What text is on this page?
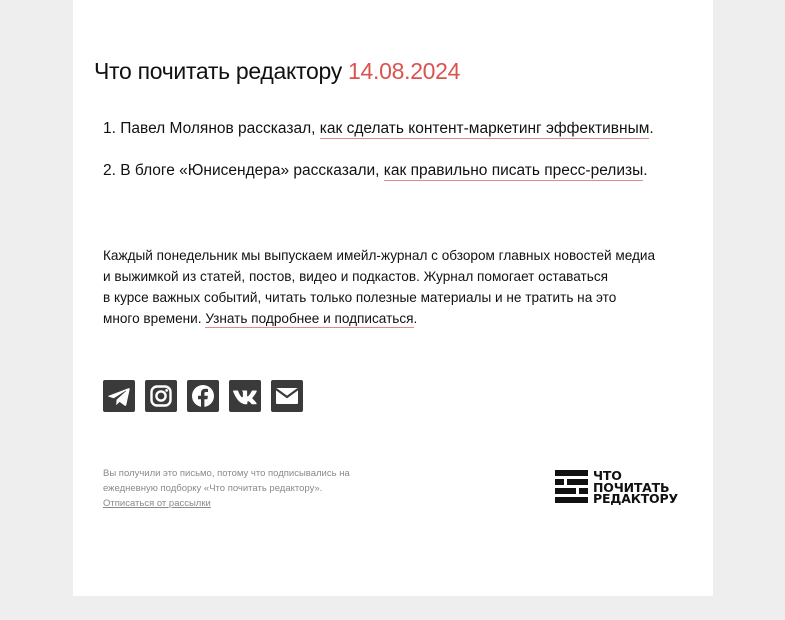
Что почитать редактору 14.08.2024
1. Павел Молянов рассказал, как сделать контент-маркетинг эффективным.
2. В блоге «Юнисендера» рассказали, как правильно писать пресс-релизы.

Каждый понедельник мы выпускаем имейл-журнал с обзором главных новостей медиа
и выжимкой из статей, постов, видео и подкастов. Журнал помогает оставаться
в курсе важных событий, читать только полезные материалы и не тратить на это
много времени. Узнать подробнее и подписаться.

Вы получили это письмо, потому что подписывались на
ежедневную подборку «Что почитать редактору».
Отписаться от рассылки

ЧТО
ПОЧИТАТЬ
РЕДАКТОРУ
